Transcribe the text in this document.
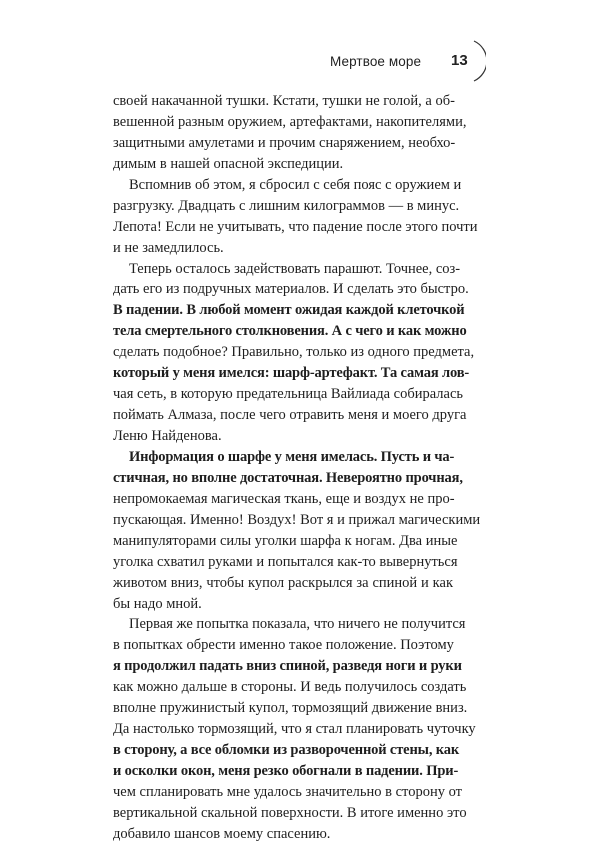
Мертвое море 13
своей накачанной тушки. Кстати, тушки не голой, а об-
вешенной разным оружием, артефактами, накопителями,
защитными амулетами и прочим снаряжением, необхо-
димым в нашей опасной экспедиции.
Вспомнив об этом, я сбросил с себя пояс с оружием и
разгрузку. Двадцать с лишним килограммов — в минус.
Лепота! Если не учитывать, что падение после этого почти
и не замедлилось.
Теперь осталось задействовать парашют. Точнее, соз-
дать его из подручных материалов. И сделать это быстро.
В падении. В любой момент ожидая каждой клеточкой
тела смертельного столкновения. А с чего и как можно
сделать подобное? Правильно, только из одного предмета,
который у меня имелся: шарф-артефакт. Та самая лов-
чая сеть, в которую предательница Вайлиада собиралась
поймать Алмаза, после чего отравить меня и моего друга
Леню Найденова.
Информация о шарфе у меня имелась. Пусть и ча-
стичная, но вполне достаточная. Невероятно прочная,
непромокаемая магическая ткань, еще и воздух не про-
пускающая. Именно! Воздух! Вот я и прижал магическими
манипуляторами силы уголки шарфа к ногам. Два иные
уголка схватил руками и попытался как-то вывернуться
животом вниз, чтобы купол раскрылся за спиной и как
бы надо мной.
Первая же попытка показала, что ничего не получится
в попытках обрести именно такое положение. Поэтому
я продолжил падать вниз спиной, разведя ноги и руки
как можно дальше в стороны. И ведь получилось создать
вполне пружинистый купол, тормозящий движение вниз.
Да настолько тормозящий, что я стал планировать чуточку
в сторону, а все обломки из развороченной стены, как
и осколки окон, меня резко обогнали в падении. При-
чем спланировать мне удалось значительно в сторону от
вертикальной скальной поверхности. В итоге именно это
добавило шансов моему спасению.
